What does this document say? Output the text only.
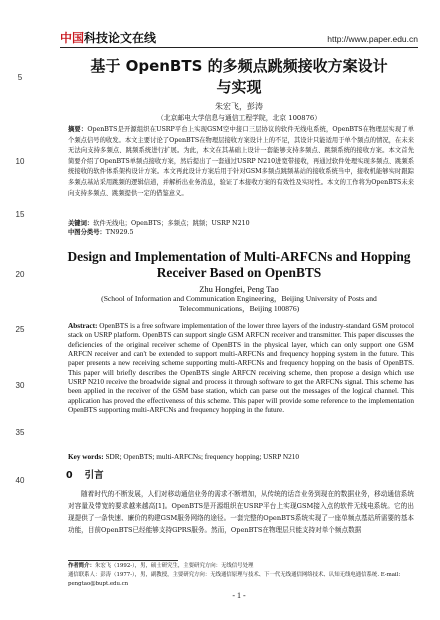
中国科技论文在线	http://www.paper.edu.cn
5
10
15
20
25
30
35
40
基于 OpenBTS 的多频点跳频接收方案设计
与实现
朱宏飞，彭涛
（北京邮电大学信息与通信工程学院，北京 100876）
摘要：OpenBTS是开源组织在USRP平台上实现GSM空中接口三层协议的软件无线电系统，OpenBTS在物理层实现了单个频点信号的收发。本文主要讨论了OpenBTS在物理层接收方案设计上的不足，其设计只能适用于单个频点的情况，在未来无法向支持多频点、跳频系统进行扩展。为此，本文在其基础上设计一套能够支持多频点、跳频系统的接收方案。本文首先简要介绍了OpenBTS单频点接收方案，然后提出了一套通过USRP N210进宽带接收，再通过软件处理实现多频点、跳频系统接收的软件体系架构设计方案。本文再此设计方案后用于针对GSM多频点跳频基站的接收系统当中，接收机能够实时跟踪多频点基站采用跳频的逻辑信道，并解析出业务消息，验证了本接收方案的有效性及实时性。本文的工作将为OpenBTS未来向支持多频点、跳频提供一定的借鉴意义。
关键词：软件无线电；OpenBTS；多频点；跳频；USRP N210
中图分类号：TN929.5
Design and Implementation of Multi-ARFCNs and Hopping
Receiver Based on OpenBTS
Zhu Hongfei, Peng Tao
(School of Information and Communication Engineering，Beijing University of Posts and
Telecommunications，Beijing 100876)
Abstract: OpenBTS is a free software implementation of the lower three layers of the industry-standard GSM protocol stack on USRP platform. OpenBTS can support single GSM ARFCN receiver and transmitter. This paper discusses the deficiencies of the original receiver scheme of OpenBTS in the physical layer, which can only support one GSM ARFCN receiver and can't be extended to support multi-ARFCNs and frequency hopping system in the future. This paper presents a new receiving scheme supporting multi-ARFCNs and frequency hopping on the basis of OpenBTS. This paper will briefly describes the OpenBTS single ARFCN receiving scheme, then propose a design which use USRP N210 receive the broadwide signal and process it through software to get the ARFCNs signal. This scheme has been applied in the receiver of the GSM base station, which can parse out the messages of the logical channel. This application has proved the effectiveness of this scheme. This paper will provide some reference to the implementation OpenBTS supporting multi-ARFCNs and frequency hopping in the future.
Key words: SDR; OpenBTS; multi-ARFCNs; frequency hopping; USRP N210
0 引言
随着时代的不断发展，人们对移动通信业务的需求不断增加，从传统的话音业务到现在的数据业务，移动通信系统对容量及带宽的要求越来越高[1]。OpenBTS是开源组织在USRP平台上实现GSM接入点的软件无线电系统。它的出现提供了一条快速、廉价的构建GSM服务网络的途径。一套完整的OpenBTS系统实现了一座单频点基站所需要的基本功能，目前OpenBTS已经能够支持GPRS服务。然而，OpenBTS在物理层只能支持对单个频点数据
作者简介：朱宏飞（1992-），男，硕士研究生，主要研究方向：无线信号处理
通信联系人：彭涛（1977-），男，副教授，主要研究方向：无线通信原理与技术、下一代无线通信网络技术、认知无线电通信系统. E-mail: pengtao@bupt.edu.cn
- 1 -
